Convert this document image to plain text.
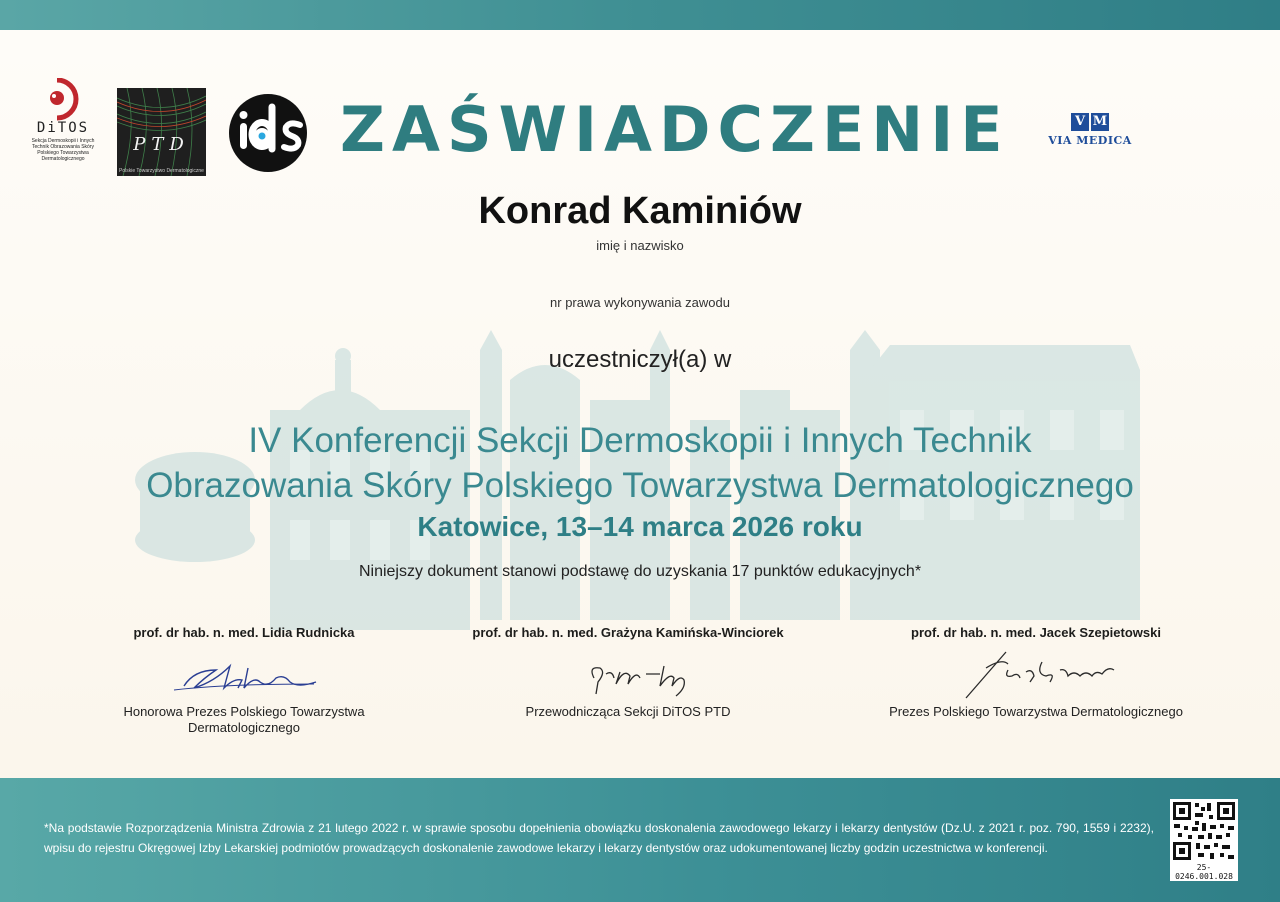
DiTOS
Sekcja Dermoskopii i Innych Technik Obrazowania Skóry Polskiego Towarzystwa Dermatologicznego
PTD
Polskie Towarzystwo Dermatologiczne
ZAŚWIADCZENIE	V M
VIA MEDICA
Konrad Kaminiów
imię i nazwisko
nr prawa wykonywania zawodu
uczestniczył(a) w
IV Konferencji Sekcji Dermoskopii i Innych Technik
Obrazowania Skóry Polskiego Towarzystwa Dermatologicznego
Katowice, 13–14 marca 2026 roku
Niniejszy dokument stanowi podstawę do uzyskania 17 punktów edukacyjnych*
prof. dr hab. n. med. Lidia Rudnicka
Honorowa Prezes Polskiego Towarzystwa Dermatologicznego
prof. dr hab. n. med. Grażyna Kamińska-Winciorek
Przewodnicząca Sekcji DiTOS PTD
prof. dr hab. n. med. Jacek Szepietowski
Prezes Polskiego Towarzystwa Dermatologicznego
*Na podstawie Rozporządzenia Ministra Zdrowia z 21 lutego 2022 r. w sprawie sposobu dopełnienia obowiązku doskonalenia zawodowego lekarzy i lekarzy dentystów (Dz.U. z 2021 r. poz. 790, 1559 i 2232), wpisu do rejestru Okręgowej Izby Lekarskiej podmiotów prowadzących doskonalenie zawodowe lekarzy i lekarzy dentystów oraz udokumentowanej liczby godzin uczestnictwa w konferencji.
25-0246.001.028
